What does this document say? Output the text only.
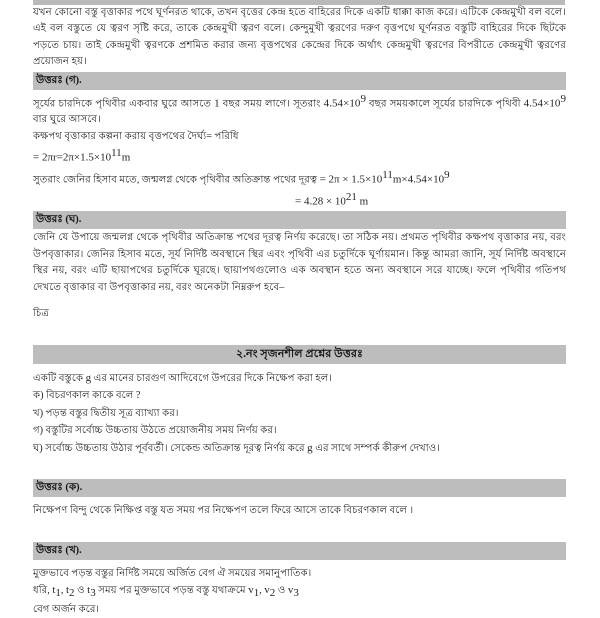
যখন কোনো বস্তু বৃত্তাকার পথে ঘূর্ণনরত থাকে, তখন বৃত্তের কেন্দ্র হতে বাহিরের দিকে একটি ধাক্কা কাজ করে। এটিকে কেন্দ্রমুখী বল বলে। এই বল বস্তুতে যে ত্বরণ সৃষ্টি করে, তাকে কেন্দ্রমুখী ত্বরণ বলে। কেন্দুমুখী ত্বরণের দরুণ বৃত্তপথে ঘূর্ণনরত বস্তুটি বাহিরের দিকে ছিটকে পড়তে চায়। তাই কেন্দ্রমুখী ত্বরণকে প্রশমিত করার জন্য বৃত্তপথের কেন্দ্রের দিকে অর্থাৎ কেন্দ্রমুখী ত্বরণের বিপরীতে কেন্দ্রমুখী ত্বরণের প্রয়োজন হয়।

উত্তরঃ (গ).

সূর্যের চারদিকে পৃথিবীর একবার ঘুরে আসতে 1 বছর সময় লাগে। সূতরাং $4.54\times 10^9$ বছর সময়কালে সূর্যের চারদিকে পৃথিবী $4.54\times 10^9$ বার ঘুরে আসবে।

কক্ষপথ বৃত্তাকার কল্পনা করায় বৃত্তপথের দৈর্ঘ্য= পরিধি

= $2\pi r=2\pi\times 1.5\times 10^{11}m$

সুতরাং জেনির হিসাব মতে, জন্মলগ্ন থেকে পৃথিবীর অতিক্রান্ত পথের দূরত্ব = $2\pi \times 1.5\times 10^{11}m\times 4.54\times 10^9$

= $4.28 \times 10^{21}$ m

উত্তরঃ (ঘ).

জেনি যে উপায়ে জন্মলগ্ন থেকে পৃথিবীর অতিক্রান্ত পথের দূরত্ব নির্ণয় করেছে। তা সঠিক নয়। প্রথমত পৃথিবীর কক্ষপথ বৃত্তাকার নয়, বরং উপবৃত্তাকার। জেনির হিসাব মতে, সূর্য নির্দিষ্ট অবস্থানে স্থির এবং পৃথিবী এর চতুর্দিকে ঘূর্ণায়মান। কিন্তু আমরা জানি, সূর্য নির্দিষ্ট অবস্থানে স্থির নয়, বরং এটি ছায়াপথের চতুর্দিকে ঘূরছে। ছায়াপথগুলোও এক অবস্থান হতে অন্য অবস্থানে সরে যাচ্ছে। ফলে পৃথিবীর গতিপথ দেখতে বৃত্তাকার বা উপবৃত্তাকার নয়, বরং অনেকটা নিম্নরুপ হবে–

চিত্র

২.নং সৃজনশীল প্রশ্নের উত্তরঃ

একটি বস্তুকে g এর মানের চারগুণ আদিবেগে উপরের দিকে নিক্ষেপ করা হল।

ক) বিচরণকাল কাকে বলে ?

খ) পড়ন্ত বস্তুর দ্বিতীয় সূত্র ব্যাখ্যা কর।

গ) বস্তুটির সর্বোচ্চ উচ্চতায় উঠতে প্রয়োজনীয় সময় নির্ণয় কর।

ঘ) সর্বোচ্চ উচ্চতায় উঠার পূর্ববর্তী। সেকেন্ড অতিক্রান্ত দূরত্ব নির্ণয় করে g এর সাথে সম্পর্ক কীরুপ দেখাও।

উত্তরঃ (ক).

নিক্ষেপণ বিন্দু থেকে নিক্ষিপ্ত বস্তু যত সময় পর নিক্ষেপণ তলে ফিরে আসে তাকে বিচরণকাল বলে ।

উত্তরঃ (খ).

মুক্তভাবে পড়ন্ত বস্তুর নির্দিষ্ট সময়ে অর্জিত বেগ ঐ সময়ের সমানুপাতিক।

ধরি, $t_1$, $t_2$ ও $t_3$ সময় পর মুক্তভাবে পড়ন্ত বস্তু যথাক্রমে $v_1$, $v_2$ ও $v_3$

বেগ অর্জন করে।
